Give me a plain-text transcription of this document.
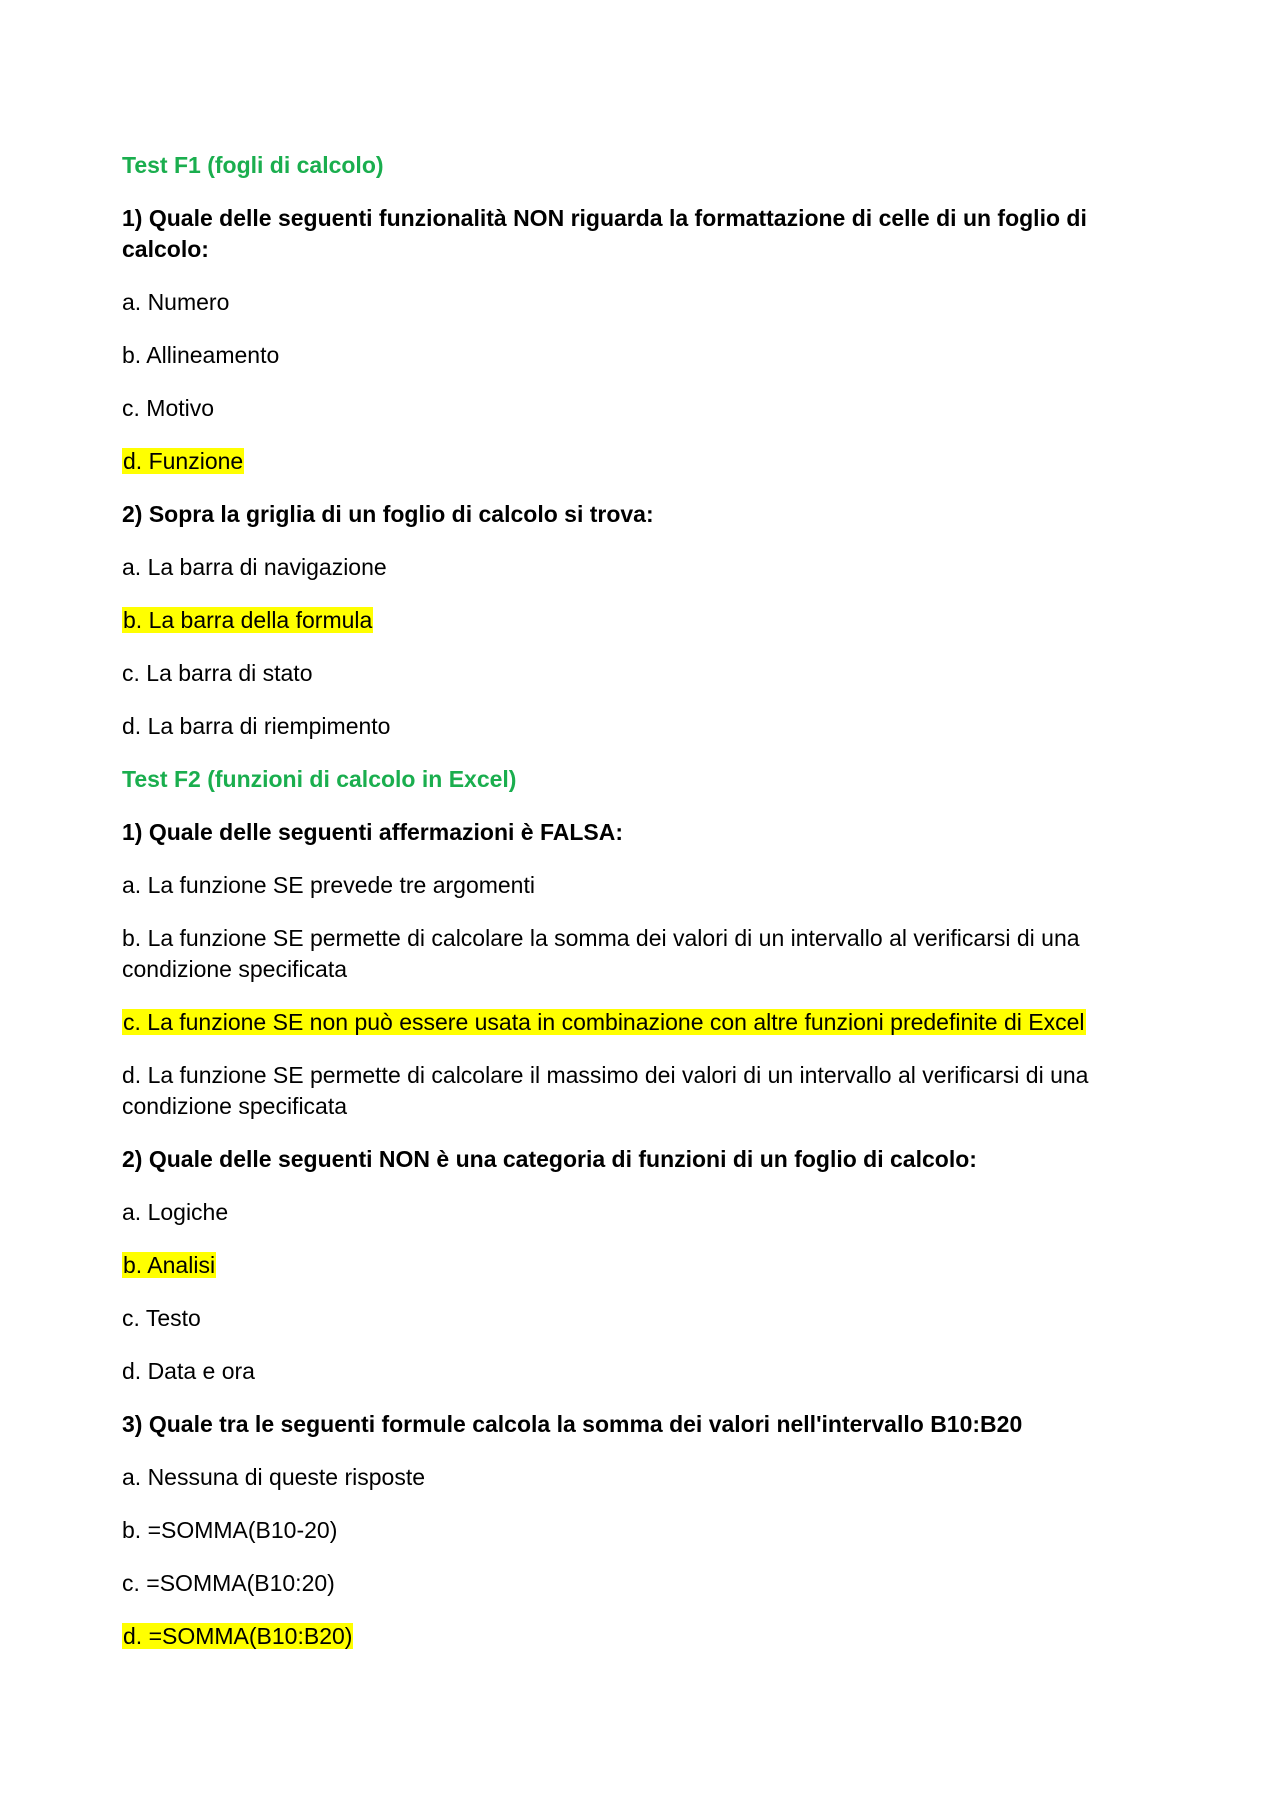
Test F1 (fogli di calcolo)

1) Quale delle seguenti funzionalità NON riguarda la formattazione di celle di un foglio di calcolo:

a. Numero

b. Allineamento

c. Motivo

d. Funzione

2) Sopra la griglia di un foglio di calcolo si trova:

a. La barra di navigazione

b. La barra della formula

c. La barra di stato

d. La barra di riempimento

Test F2 (funzioni di calcolo in Excel)

1) Quale delle seguenti affermazioni è FALSA:

a. La funzione SE prevede tre argomenti

b. La funzione SE permette di calcolare la somma dei valori di un intervallo al verificarsi di una condizione specificata

c. La funzione SE non può essere usata in combinazione con altre funzioni predefinite di Excel

d. La funzione SE permette di calcolare il massimo dei valori di un intervallo al verificarsi di una condizione specificata

2) Quale delle seguenti NON è una categoria di funzioni di un foglio di calcolo:

a. Logiche

b. Analisi

c. Testo

d. Data e ora

3) Quale tra le seguenti formule calcola la somma dei valori nell'intervallo B10:B20

a. Nessuna di queste risposte

b. =SOMMA(B10-20)

c. =SOMMA(B10:20)

d. =SOMMA(B10:B20)
